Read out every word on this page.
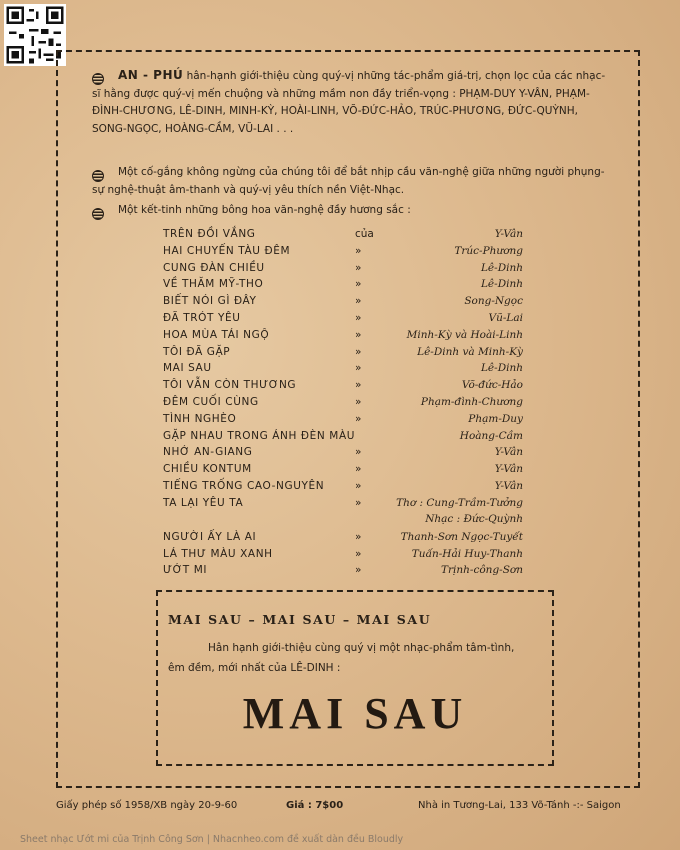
AN - PHÚ hân-hạnh giới-thiệu cùng quý-vị những tác-phẩm giá-trị, chọn lọc của các nhạc-sĩ hằng được quý-vị mến chuộng và những mầm non đầy triển-vọng : PHẠM-DUY Y-VÂN, PHẠM-ĐÌNH-CHƯƠNG, LÊ-DINH, MINH-KỲ, HOÀI-LINH, VÕ-ĐỨC-HẢO, TRÚC-PHƯƠNG, ĐỨC-QUỲNH, SONG-NGỌC, HOÀNG-CẦM, VŨ-LAI . . .
Một cố-gắng không ngừng của chúng tôi để bắt nhịp cầu văn-nghệ giữa những người phụng-sự nghệ-thuật âm-thanh và quý-vị yêu thích nền Việt-Nhạc.
Một kết-tinh những bông hoa văn-nghệ đầy hương sắc :
TRÊN ĐỒI VẮNG	của	Y-Vân
HAI CHUYẾN TÀU ĐÊM	»	Trúc-Phương
CUNG ĐÀN CHIỀU	»	Lê-Dinh
VỀ THĂM MỸ-THO	»	Lê-Dinh
BIẾT NÓI GÌ ĐÂY	»	Song-Ngọc
ĐÃ TRÓT YÊU	»	Vũ-Lai
HOA MÙA TÁI NGỘ	»	Minh-Kỳ và Hoài-Linh
TÔI ĐÃ GẶP	»	Lê-Dinh và Minh-Kỳ
MAI SAU	»	Lê-Dinh
TÔI VẪN CÒN THƯƠNG	»	Võ-đức-Hảo
ĐÊM CUỐI CÙNG	»	Phạm-đình-Chương
TÌNH NGHÈO	»	Phạm-Duy
GẶP NHAU TRONG ÁNH ĐÈN MÀU	Hoàng-Cầm
NHỚ AN-GIANG	»	Y-Vân
CHIỀU KONTUM	»	Y-Vân
TIẾNG TRỐNG CAO-NGUYÊN	»	Y-Vân
TA LẠI YÊU TA	»	Thơ : Cung-Trầm-Tưởng
Nhạc : Đức-Quỳnh
NGƯỜI ẤY LÀ AI	»	Thanh-Sơn Ngọc-Tuyết
LÁ THƯ MÀU XANH	»	Tuấn-Hải Huy-Thanh
ƯỚT MI	»	Trịnh-công-Sơn
MAI SAU – MAI SAU – MAI SAU
Hân hạnh giới-thiệu cùng quý vị một nhạc-phẩm tâm-tình,
êm đềm, mới nhất của LÊ-DINH :
MAI SAU
Giấy phép số 1958/XB ngày 20-9-60	Giá : 7$00	Nhà in Tương-Lai, 133 Võ-Tánh -:- Saigon
Sheet nhạc Ướt mi của Trịnh Công Sơn | Nhacnheo.com đề xuất dàn đều Bloudly
